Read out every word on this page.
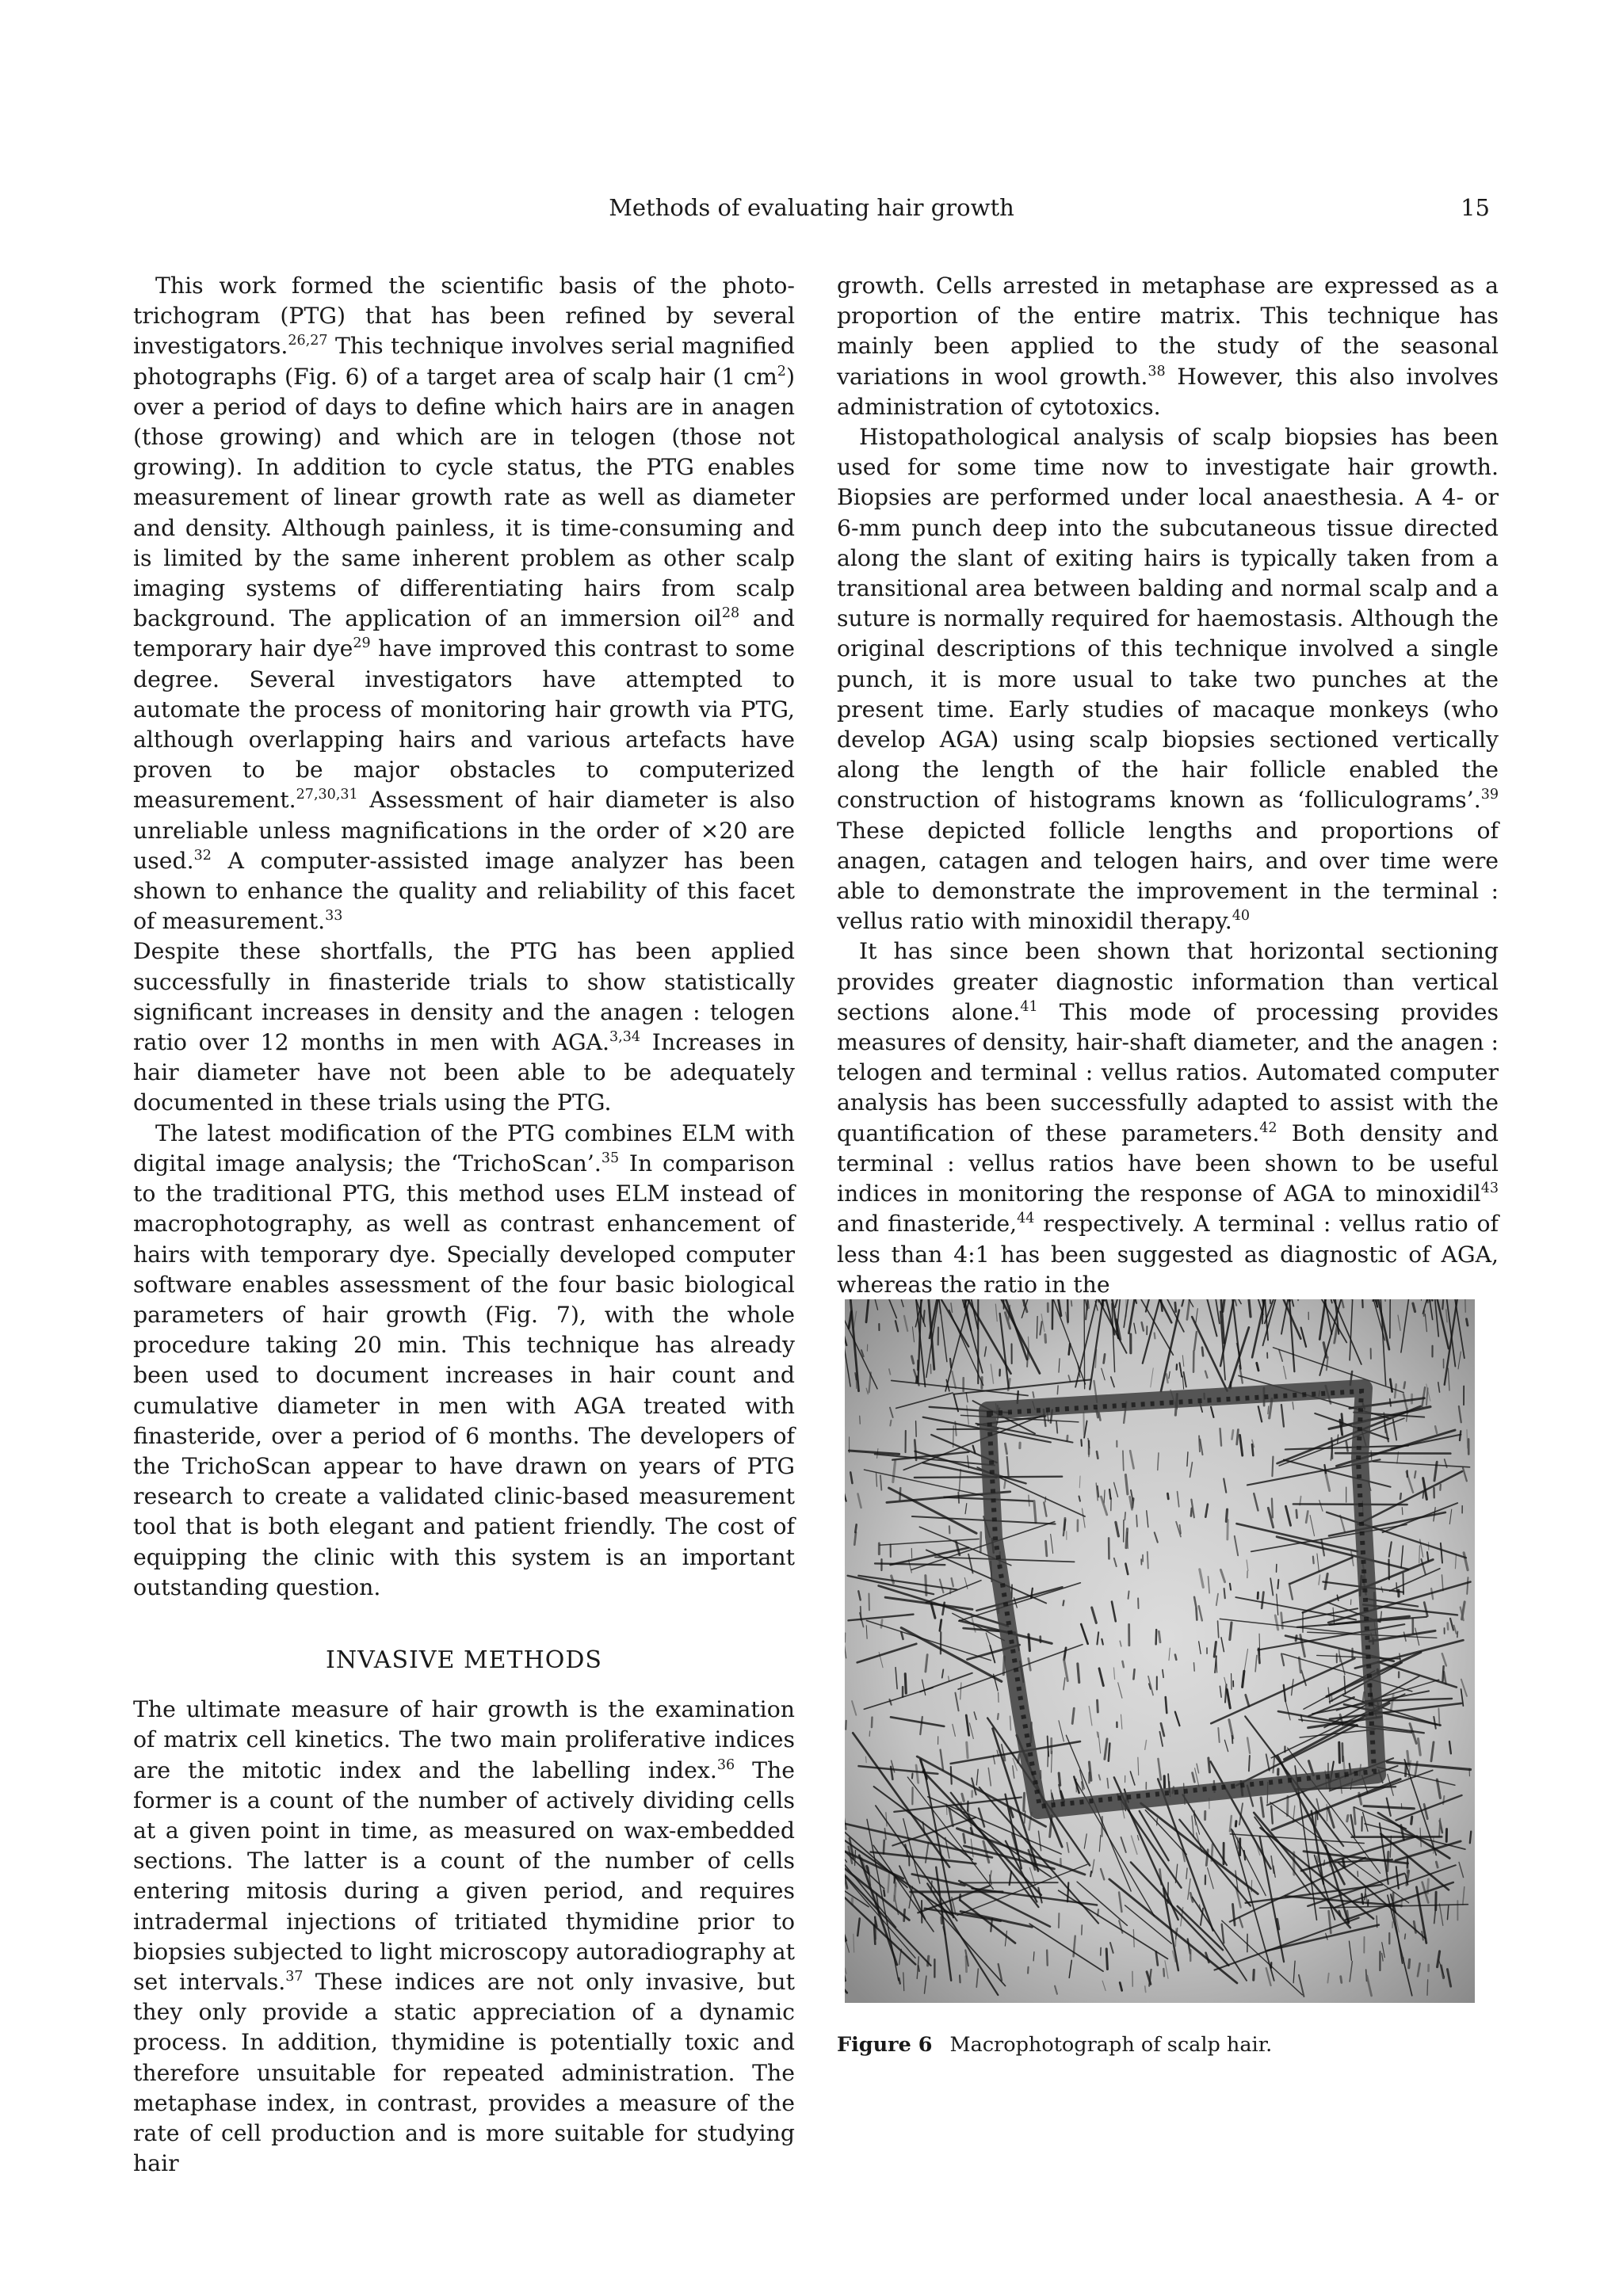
Methods of evaluating hair growth	15

This work formed the scientific basis of the photo-trichogram (PTG) that has been refined by several investigators.$^{26,27}$ This technique involves serial magnified photographs (Fig. 6) of a target area of scalp hair (1 $cm^2$) over a period of days to define which hairs are in anagen (those growing) and which are in telogen (those not growing). In addition to cycle status, the PTG enables measurement of linear growth rate as well as diameter and density. Although painless, it is time-consuming and is limited by the same inherent problem as other scalp imaging systems of differentiating hairs from scalp background. The application of an immersion oil$^{28}$ and temporary hair dye$^{29}$ have improved this contrast to some degree. Several investigators have attempted to automate the process of monitoring hair growth via PTG, although overlapping hairs and various artefacts have proven to be major obstacles to computerized measurement.$^{27,30,31}$ Assessment of hair diameter is also unreliable unless magnifications in the order of ×20 are used.$^{32}$ A computer-assisted image analyzer has been shown to enhance the quality and reliability of this facet of measurement.$^{33}$

Despite these shortfalls, the PTG has been applied successfully in finasteride trials to show statistically significant increases in density and the anagen : telogen ratio over 12 months in men with AGA.$^{3,34}$ Increases in hair diameter have not been able to be adequately documented in these trials using the PTG.

The latest modification of the PTG combines ELM with digital image analysis; the ‘TrichoScan’.$^{35}$ In comparison to the traditional PTG, this method uses ELM instead of macrophotography, as well as contrast enhancement of hairs with temporary dye. Specially developed computer software enables assessment of the four basic biological parameters of hair growth (Fig. 7), with the whole procedure taking 20 min. This technique has already been used to document increases in hair count and cumulative diameter in men with AGA treated with finasteride, over a period of 6 months. The developers of the TrichoScan appear to have drawn on years of PTG research to create a validated clinic-based measurement tool that is both elegant and patient friendly. The cost of equipping the clinic with this system is an important outstanding question.

INVASIVE METHODS

The ultimate measure of hair growth is the examination of matrix cell kinetics. The two main proliferative indices are the mitotic index and the labelling index.$^{36}$ The former is a count of the number of actively dividing cells at a given point in time, as measured on wax-embedded sections. The latter is a count of the number of cells entering mitosis during a given period, and requires intradermal injections of tritiated thymidine prior to biopsies subjected to light microscopy autoradiography at set intervals.$^{37}$ These indices are not only invasive, but they only provide a static appreciation of a dynamic process. In addition, thymidine is potentially toxic and therefore unsuitable for repeated administration. The metaphase index, in contrast, provides a measure of the rate of cell production and is more suitable for studying hair

growth. Cells arrested in metaphase are expressed as a proportion of the entire matrix. This technique has mainly been applied to the study of the seasonal variations in wool growth.$^{38}$ However, this also involves administration of cytotoxics.

Histopathological analysis of scalp biopsies has been used for some time now to investigate hair growth. Biopsies are performed under local anaesthesia. A 4- or 6-mm punch deep into the subcutaneous tissue directed along the slant of exiting hairs is typically taken from a transitional area between balding and normal scalp and a suture is normally required for haemostasis. Although the original descriptions of this technique involved a single punch, it is more usual to take two punches at the present time. Early studies of macaque monkeys (who develop AGA) using scalp biopsies sectioned vertically along the length of the hair follicle enabled the construction of histograms known as ‘folliculograms’.$^{39}$ These depicted follicle lengths and proportions of anagen, catagen and telogen hairs, and over time were able to demonstrate the improvement in the terminal : vellus ratio with minoxidil therapy.$^{40}$

It has since been shown that horizontal sectioning provides greater diagnostic information than vertical sections alone.$^{41}$ This mode of processing provides measures of density, hair-shaft diameter, and the anagen : telogen and terminal : vellus ratios. Automated computer analysis has been successfully adapted to assist with the quantification of these parameters.$^{42}$ Both density and terminal : vellus ratios have been shown to be useful indices in monitoring the response of AGA to minoxidil$^{43}$ and finasteride,$^{44}$ respectively. A terminal : vellus ratio of less than 4:1 has been suggested as diagnostic of AGA, whereas the ratio in the

Figure 6 Macrophotograph of scalp hair.
